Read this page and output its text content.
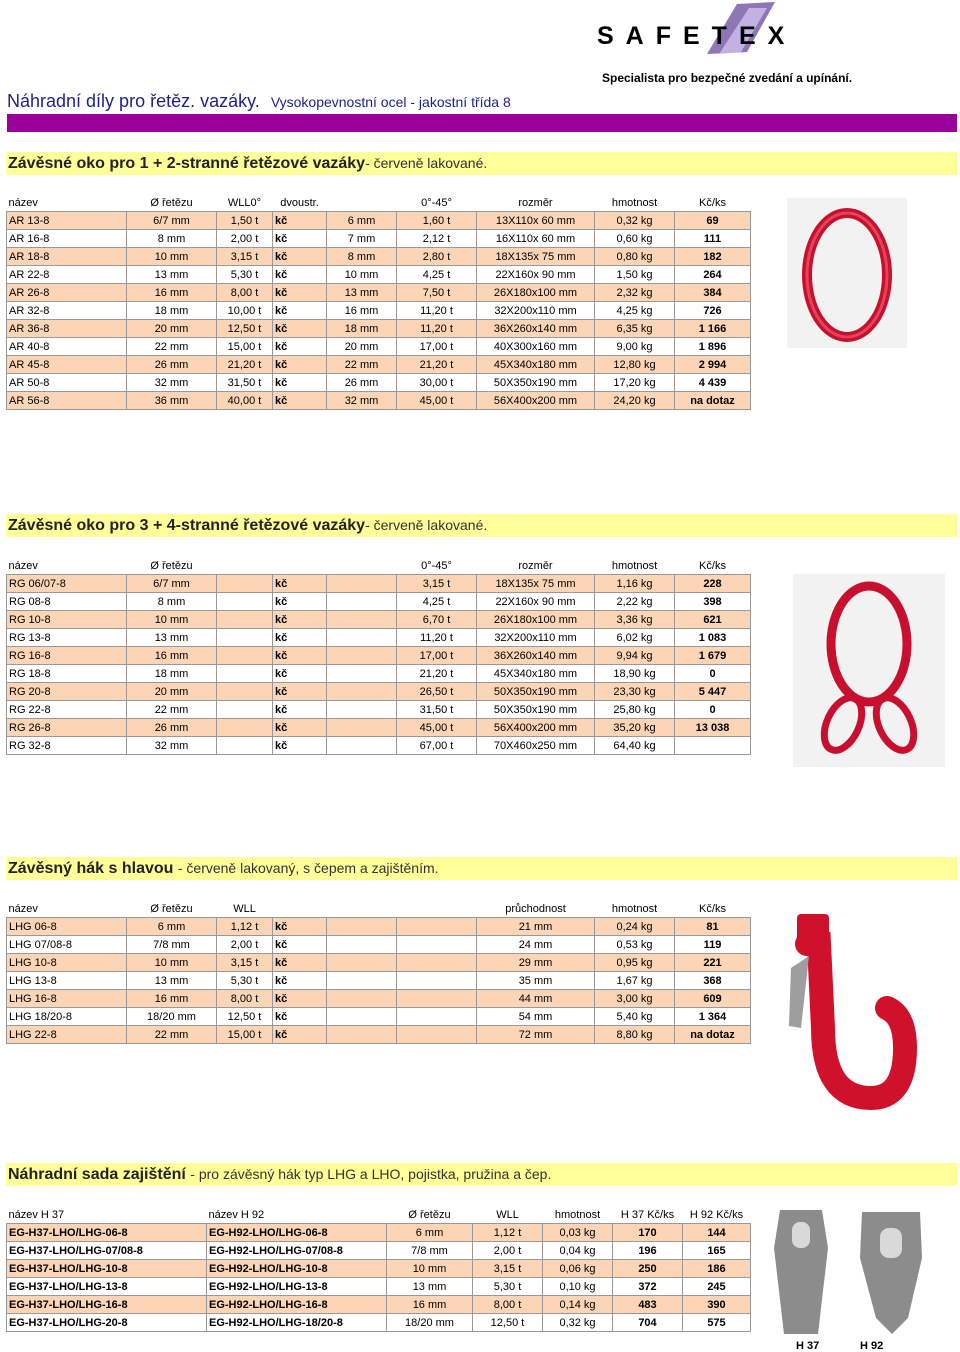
SAFETEX
Specialista pro bezpečné zvedání a upínání.
Náhradní díly pro řetěz. vazáky. Vysokopevnostní ocel - jakostní třída 8
Závěsné oko pro 1 + 2-stranné řetězové vazáky- červeně lakované.
název	Ø řetězu	WLL0°	dvoustr.		0°-45°	rozměr	hmotnost	Kč/ks
AR 13-8	6/7 mm	1,50 t	kč	6 mm	1,60 t	13X110x 60 mm	0,32 kg	69
AR 16-8	8 mm	2,00 t	kč	7 mm	2,12 t	16X110x 60 mm	0,60 kg	111
AR 18-8	10 mm	3,15 t	kč	8 mm	2,80 t	18X135x 75 mm	0,80 kg	182
AR 22-8	13 mm	5,30 t	kč	10 mm	4,25 t	22X160x 90 mm	1,50 kg	264
AR 26-8	16 mm	8,00 t	kč	13 mm	7,50 t	26X180x100 mm	2,32 kg	384
AR 32-8	18 mm	10,00 t	kč	16 mm	11,20 t	32X200x110 mm	4,25 kg	726
AR 36-8	20 mm	12,50 t	kč	18 mm	11,20 t	36X260x140 mm	6,35 kg	1 166
AR 40-8	22 mm	15,00 t	kč	20 mm	17,00 t	40X300x160 mm	9,00 kg	1 896
AR 45-8	26 mm	21,20 t	kč	22 mm	21,20 t	45X340x180 mm	12,80 kg	2 994
AR 50-8	32 mm	31,50 t	kč	26 mm	30,00 t	50X350x190 mm	17,20 kg	4 439
AR 56-8	36 mm	40,00 t	kč	32 mm	45,00 t	56X400x200 mm	24,20 kg	na dotaz
Závěsné oko pro 3 + 4-stranné řetězové vazáky- červeně lakované.
název	Ø řetězu				0°-45°	rozměr	hmotnost	Kč/ks
RG 06/07-8	6/7 mm		kč		3,15 t	18X135x 75 mm	1,16 kg	228
RG 08-8	8 mm		kč		4,25 t	22X160x 90 mm	2,22 kg	398
RG 10-8	10 mm		kč		6,70 t	26X180x100 mm	3,36 kg	621
RG 13-8	13 mm		kč		11,20 t	32X200x110 mm	6,02 kg	1 083
RG 16-8	16 mm		kč		17,00 t	36X260x140 mm	9,94 kg	1 679
RG 18-8	18 mm		kč		21,20 t	45X340x180 mm	18,90 kg	0
RG 20-8	20 mm		kč		26,50 t	50X350x190 mm	23,30 kg	5 447
RG 22-8	22 mm		kč		31,50 t	50X350x190 mm	25,80 kg	0
RG 26-8	26 mm		kč		45,00 t	56X400x200 mm	35,20 kg	13 038
RG 32-8	32 mm		kč		67,00 t	70X460x250 mm	64,40 kg	
Závěsný hák s hlavou - červeně lakovaný, s čepem a zajištěním.
název	Ø řetězu	WLL				průchodnost	hmotnost	Kč/ks
LHG 06-8	6 mm	1,12 t	kč			21 mm	0,24 kg	81
LHG 07/08-8	7/8 mm	2,00 t	kč			24 mm	0,53 kg	119
LHG 10-8	10 mm	3,15 t	kč			29 mm	0,95 kg	221
LHG 13-8	13 mm	5,30 t	kč			35 mm	1,67 kg	368
LHG 16-8	16 mm	8,00 t	kč			44 mm	3,00 kg	609
LHG 18/20-8	18/20 mm	12,50 t	kč			54 mm	5,40 kg	1 364
LHG 22-8	22 mm	15,00 t	kč			72 mm	8,80 kg	na dotaz
Náhradní sada zajištění - pro závěsný hák typ LHG a LHO, pojistka, pružina a čep.
název H 37	název H 92	Ø řetězu	WLL	hmotnost	H 37 Kč/ks	H 92 Kč/ks
EG-H37-LHO/LHG-06-8	EG-H92-LHO/LHG-06-8	6 mm	1,12 t	0,03 kg	170	144
EG-H37-LHO/LHG-07/08-8	EG-H92-LHO/LHG-07/08-8	7/8 mm	2,00 t	0,04 kg	196	165
EG-H37-LHO/LHG-10-8	EG-H92-LHO/LHG-10-8	10 mm	3,15 t	0,06 kg	250	186
EG-H37-LHO/LHG-13-8	EG-H92-LHO/LHG-13-8	13 mm	5,30 t	0,10 kg	372	245
EG-H37-LHO/LHG-16-8	EG-H92-LHO/LHG-16-8	16 mm	8,00 t	0,14 kg	483	390
EG-H37-LHO/LHG-20-8	EG-H92-LHO/LHG-18/20-8	18/20 mm	12,50 t	0,32 kg	704	575
H 37	H 92
